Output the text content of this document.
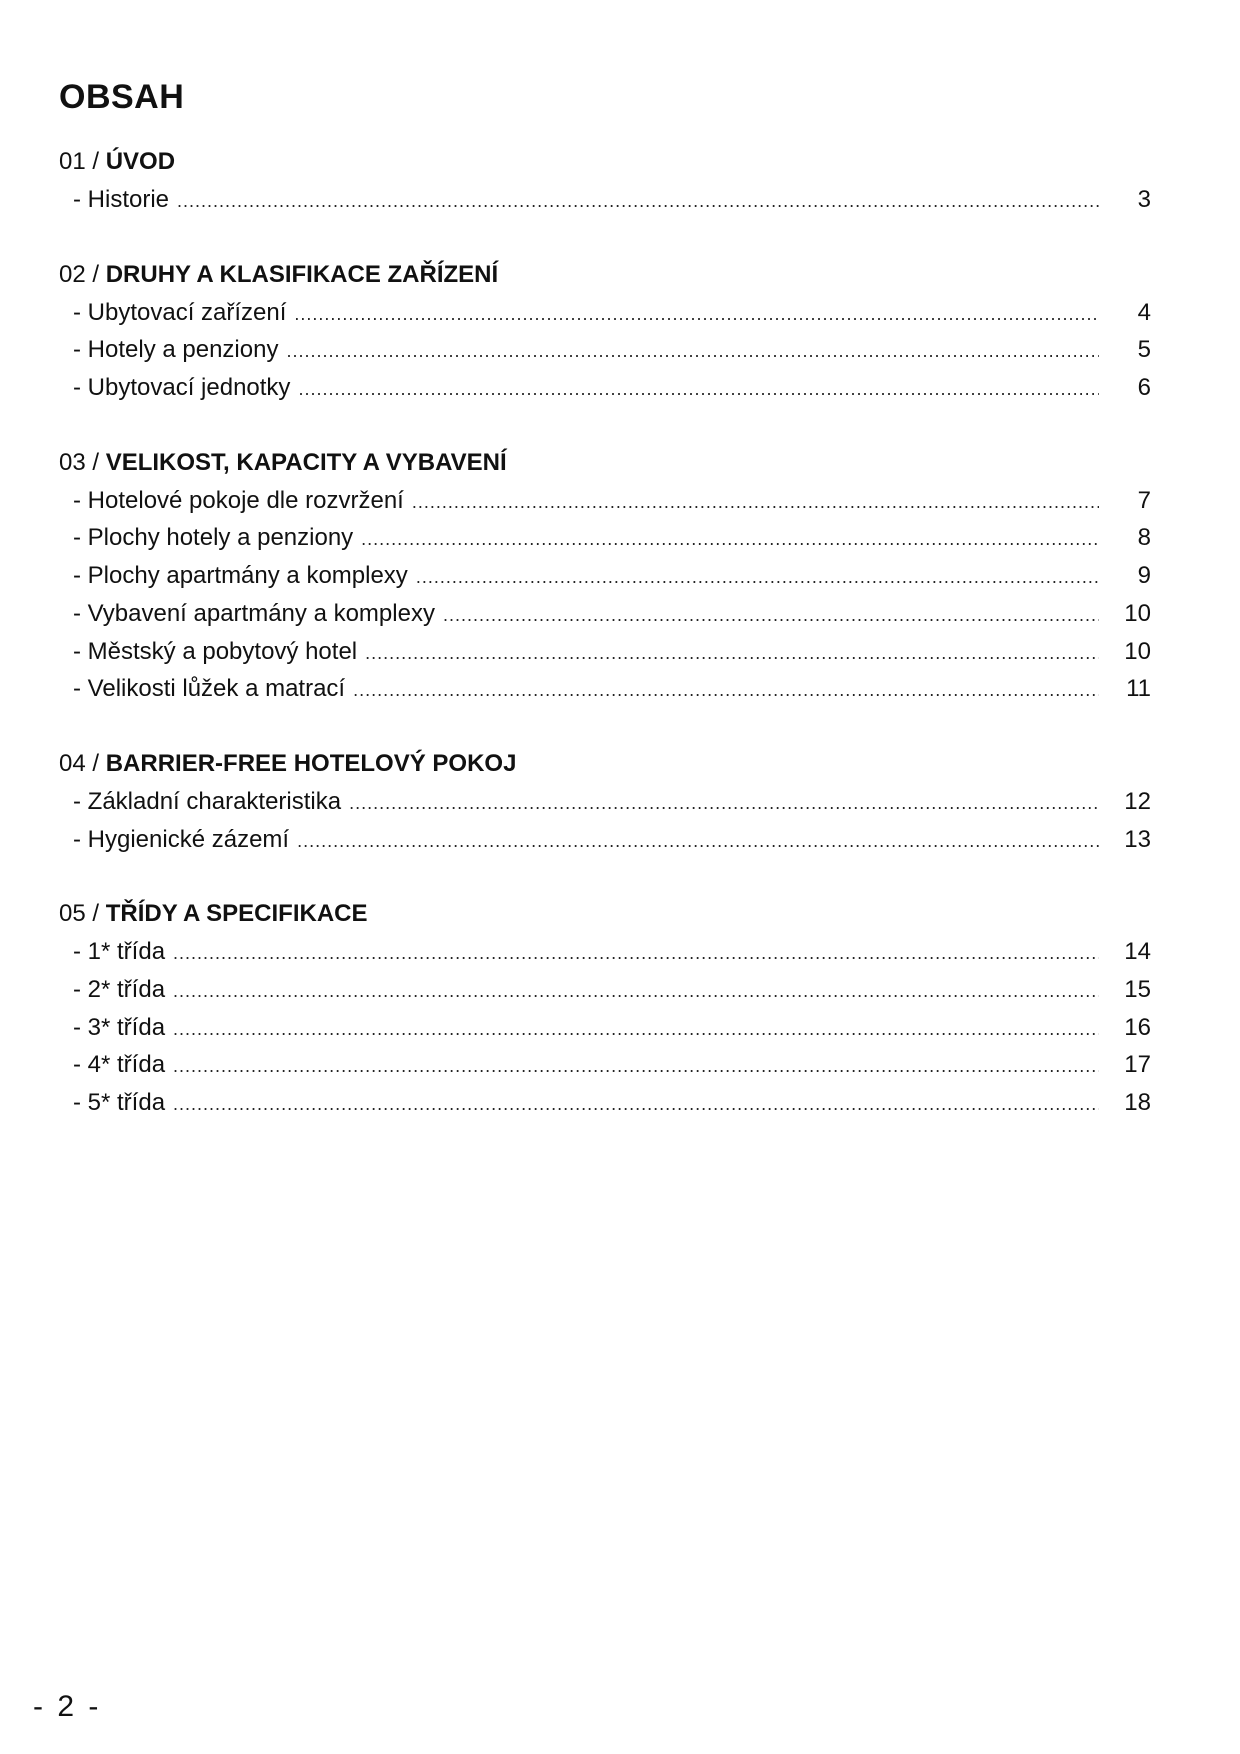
OBSAH
01 / ÚVOD
- Historie .....	3
02 / DRUHY A KLASIFIKACE ZAŘÍZENÍ
- Ubytovací zařízení .....	4
- Hotely a penziony .....	5
- Ubytovací jednotky .....	6
03 / VELIKOST, KAPACITY A VYBAVENÍ
- Hotelové pokoje dle rozvržení .....	7
- Plochy hotely a penziony .....	8
- Plochy apartmány a komplexy .....	9
- Vybavení apartmány a komplexy .....	10
- Městský a pobytový hotel .....	10
- Velikosti lůžek a matrací .....	11
04 / BARRIER-FREE HOTELOVÝ POKOJ
- Základní charakteristika .....	12
- Hygienické zázemí .....	13
05 / TŘÍDY A SPECIFIKACE
- 1* třída .....	14
- 2* třída .....	15
- 3* třída .....	16
- 4* třída .....	17
- 5* třída .....	18
- 2 -
